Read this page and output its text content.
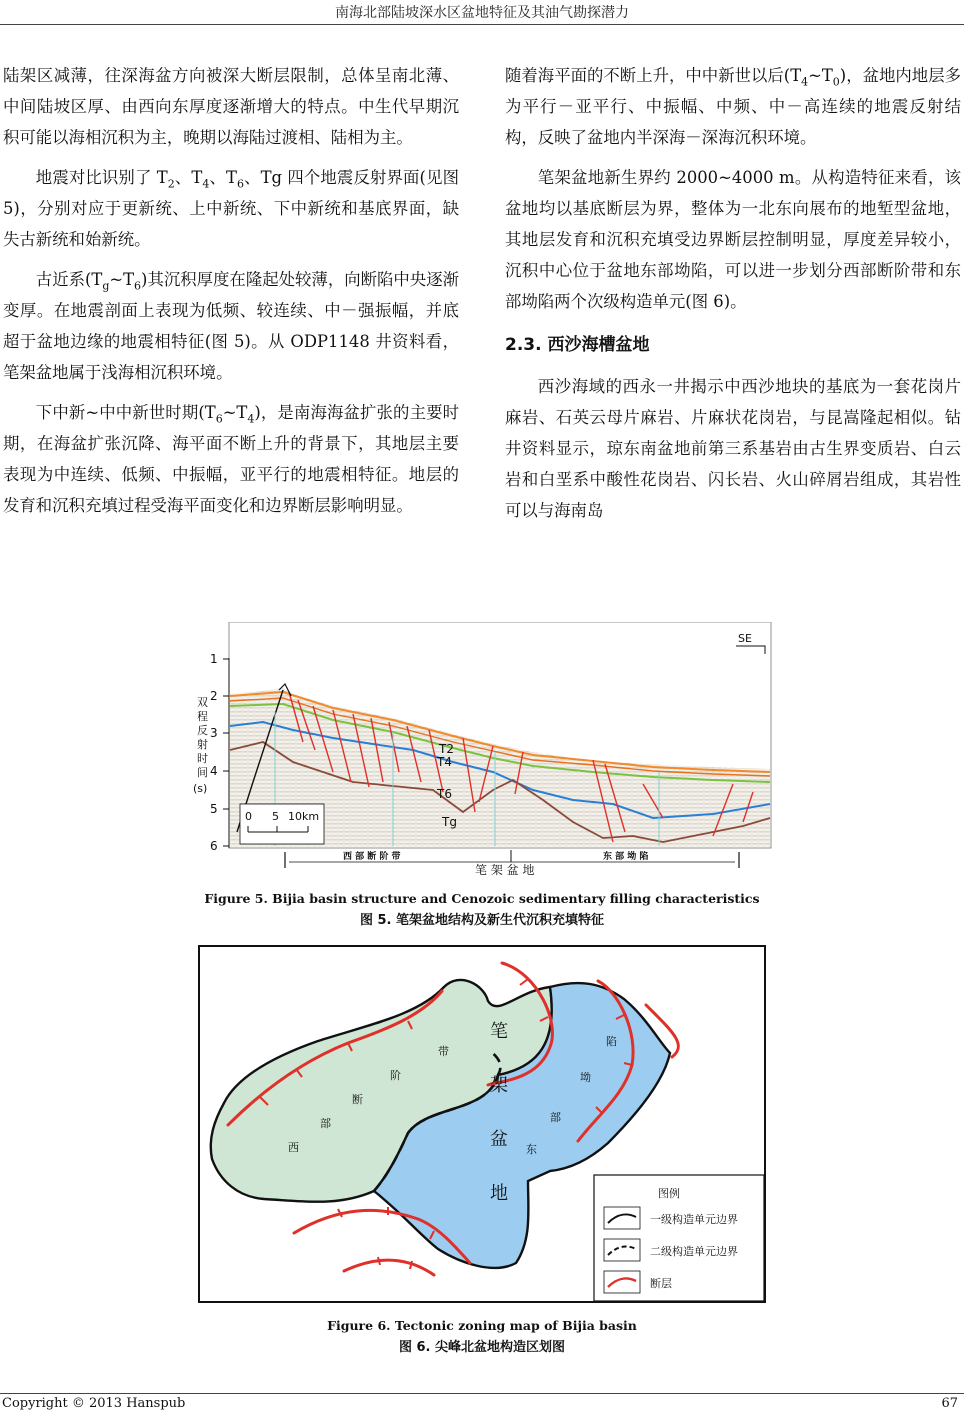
南海北部陆坡深水区盆地特征及其油气勘探潜力

陆架区减薄，往深海盆方向被深大断层限制，总体呈南北薄、中间陆坡区厚、由西向东厚度逐渐增大的特点。中生代早期沉积可能以海相沉积为主，晚期以海陆过渡相、陆相为主。

地震对比识别了 $T_2$、$T_4$、$T_6$、Tg 四个地震反射界面(见图 5)，分别对应于更新统、上中新统、下中新统和基底界面，缺失古新统和始新统。

古近系$(T_g\sim T_6)$其沉积厚度在隆起处较薄，向断陷中央逐渐变厚。在地震剖面上表现为低频、较连续、中－强振幅，并底超于盆地边缘的地震相特征(图 5)。从 ODP1148 井资料看，笔架盆地属于浅海相沉积环境。

下中新~中中新世时期$(T_6\sim T_4)$，是南海海盆扩张的主要时期，在海盆扩张沉降、海平面不断上升的背景下，其地层主要表现为中连续、低频、中振幅，亚平行的地震相特征。地层的发育和沉积充填过程受海平面变化和边界断层影响明显。

随着海平面的不断上升，中中新世以后$(T_4\sim T_0)$，盆地内地层多为平行－亚平行、中振幅、中频、中－高连续的地震反射结构，反映了盆地内半深海－深海沉积环境。

笔架盆地新生界约 2000~4000 m。从构造特征来看，该盆地均以基底断层为界，整体为一北东向展布的地堑型盆地，其地层发育和沉积充填受边界断层控制明显，厚度差异较小，沉积中心位于盆地东部坳陷，可以进一步划分西部断阶带和东部坳陷两个次级构造单元(图 6)。

2.3. 西沙海槽盆地

西沙海域的西永一井揭示中西沙地块的基底为一套花岗片麻岩、石英云母片麻岩、片麻状花岗岩，与昆嵩隆起相似。钻井资料显示，琼东南盆地前第三系基岩由古生界变质岩、白云岩和白垩系中酸性花岗岩、闪长岩、火山碎屑岩组成，其岩性可以与海南岛

1
2
3
4
5
6
双
程
反
射
时
间
(s)
SE
T2
T4
T6
Tg
0 5 10km
西 部 断 阶 带	东 部 坳 陷
笔 架 盆 地
Figure 5. Bijia basin structure and Cenozoic sedimentary filling characteristics
图 5. 笔架盆地结构及新生代沉积充填特征
笔
架
盆
地
西
部
断
阶
带
东
部
坳
陷
图例
一级构造单元边界
二级构造单元边界
断层
Figure 6. Tectonic zoning map of Bijia basin
图 6. 尖峰北盆地构造区划图
Copyright © 2013 Hanspub	67
